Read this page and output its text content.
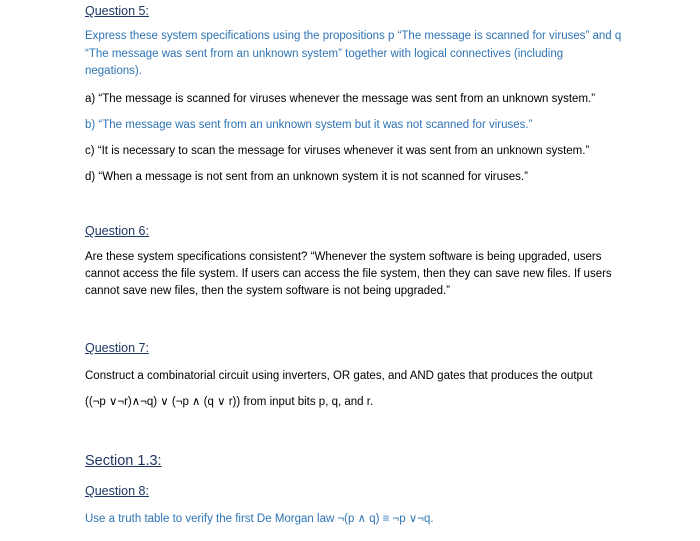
Question 5:
Express these system specifications using the propositions p “The message is scanned for viruses” and q
“The message was sent from an unknown system” together with logical connectives (including
negations).
a) “The message is scanned for viruses whenever the message was sent from an unknown system.”
b) “The message was sent from an unknown system but it was not scanned for viruses.”
c) “It is necessary to scan the message for viruses whenever it was sent from an unknown system.”
d) “When a message is not sent from an unknown system it is not scanned for viruses.”
Question 6:
Are these system specifications consistent? “Whenever the system software is being upgraded, users
cannot access the file system. If users can access the file system, then they can save new files. If users
cannot save new files, then the system software is not being upgraded.”
Question 7:
Construct a combinatorial circuit using inverters, OR gates, and AND gates that produces the output
((¬p ∨¬r)∧¬q) ∨ (¬p ∧ (q ∨ r)) from input bits p, q, and r.
Section 1.3:
Question 8:
Use a truth table to verify the first De Morgan law ¬(p ∧ q) ≡ ¬p ∨¬q.
